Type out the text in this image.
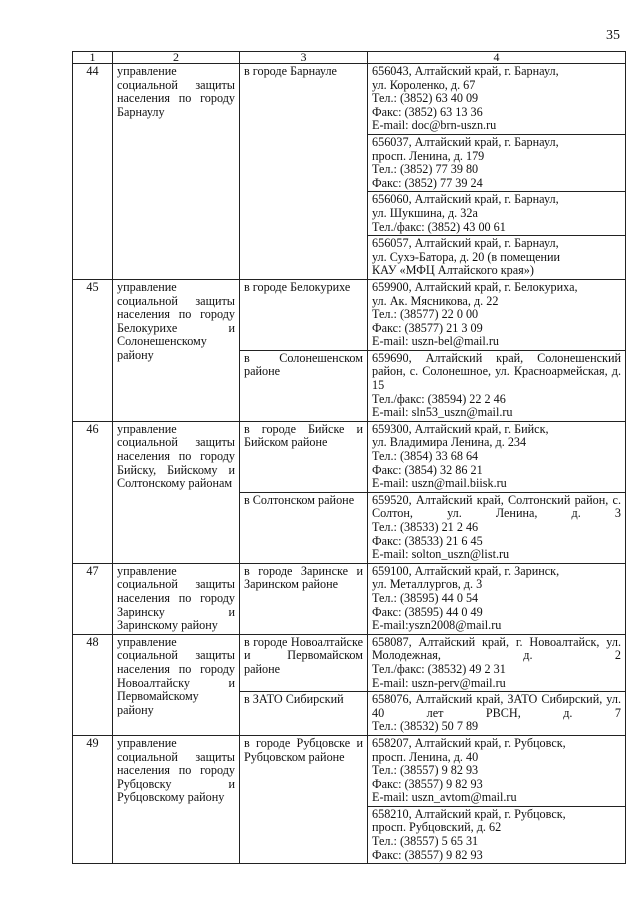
35
1	2	3	4
44	управление социальной защиты населения по городу Барнаулу	в городе Барнауле	656043, Алтайский край, г. Барнаул,
ул. Короленко, д. 67
Тел.: (3852) 63 40 09
Факс: (3852) 63 13 36
E-mail: doc@brn-uszn.ru

			656037, Алтайский край, г. Барнаул,
просп. Ленина, д. 179
Тел.: (3852) 77 39 80
Факс: (3852) 77 39 24

			656060, Алтайский край, г. Барнаул,
ул. Шукшина, д. 32а
Тел./факс: (3852) 43 00 61

			656057, Алтайский край, г. Барнаул,
ул. Сухэ-Батора, д. 20 (в помещении
КАУ «МФЦ Алтайского края»)

45	управление социальной защиты населения по городу Белокурихе и Солонешенскому району	в городе Белокурихе	659900, Алтайский край, г. Белокуриха,
ул. Ак. Мясникова, д. 22
Тел.: (38577) 22 0 00
Факс: (38577) 21 3 09
E-mail: uszn-bel@mail.ru

		в Солонешенском районе	659690, Алтайский край, Солонешенский район, с. Солонешное, ул. Красноармейская, д. 15
Тел./факс: (38594) 22 2 46
E-mail: sln53_uszn@mail.ru

46	управление социальной защиты населения по городу Бийску, Бийскому и Солтонскому районам	в городе Бийске и Бийском районе	659300, Алтайский край, г. Бийск,
ул. Владимира Ленина, д. 234
Тел.: (3854) 33 68 64
Факс: (3854) 32 86 21
E-mail: uszn@mail.biisk.ru

		в Солтонском районе	659520, Алтайский край, Солтонский район, с. Солтон, ул. Ленина, д. 3
Тел.: (38533) 21 2 46
Факс: (38533) 21 6 45
E-mail: solton_uszn@list.ru

47	управление социальной защиты населения по городу Заринску и Заринскому району	в городе Заринске и Заринском районе	659100, Алтайский край, г. Заринск,
ул. Металлургов, д. 3
Тел.: (38595) 44 0 54
Факс: (38595) 44 0 49
E-mail:yszn2008@mail.ru

48	управление социальной защиты населения по городу Новоалтайску и Первомайскому району	в городе Новоалтайске и Первомайском районе	658087, Алтайский край, г. Новоалтайск, ул. Молодежная, д. 2
Тел./факс: (38532) 49 2 31
E-mail: uszn-perv@mail.ru

		в ЗАТО Сибирский	658076, Алтайский край, ЗАТО Сибирский, ул. 40 лет РВСН, д. 7
Тел.: (38532) 50 7 89

49	управление социальной защиты населения по городу Рубцовску и Рубцовскому району	в городе Рубцовске и Рубцовском районе	658207, Алтайский край, г. Рубцовск,
просп. Ленина, д. 40
Тел.: (38557) 9 82 93
Факс: (38557) 9 82 93
E-mail: uszn_avtom@mail.ru

			658210, Алтайский край, г. Рубцовск,
просп. Рубцовский, д. 62
Тел.: (38557) 5 65 31
Факс: (38557) 9 82 93
